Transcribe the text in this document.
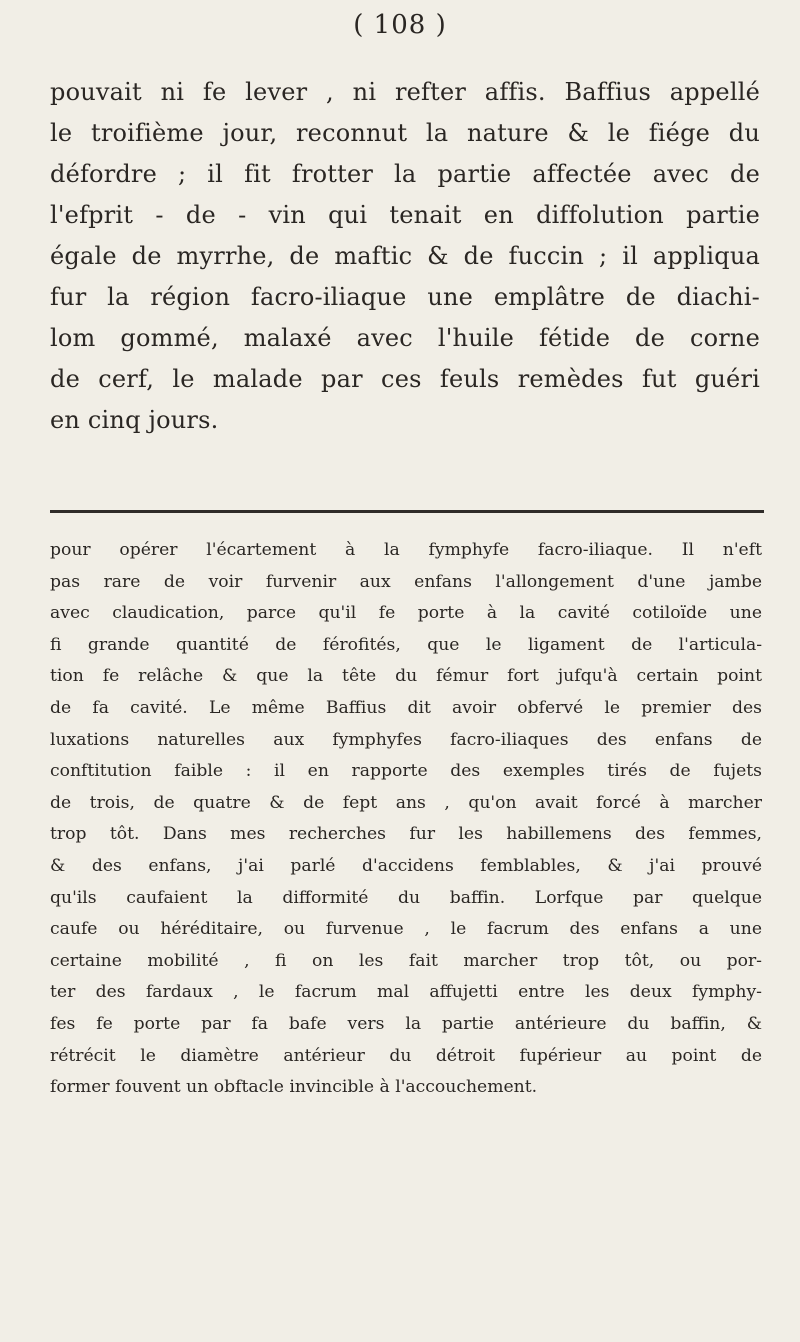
( 108 )
pouvait ni fe lever , ni refter affis. Baffius appellé
le troifième jour, reconnut la nature & le fiége du
défordre ; il fit frotter la partie affectée avec de
l'efprit - de - vin qui tenait en diffolution partie
égale de myrrhe, de maftic & de fuccin ; il appliqua
fur la région facro-iliaque une emplâtre de diachi-
lom gommé, malaxé avec l'huile fétide de corne
de cerf, le malade par ces feuls remèdes fut guéri
en cinq jours.
pour opérer l'écartement à la fymphyfe facro-iliaque. Il n'eft
pas rare de voir furvenir aux enfans l'allongement d'une jambe
avec claudication, parce qu'il fe porte à la cavité cotiloïde une
fi grande quantité de férofités, que le ligament de l'articula-
tion fe relâche & que la tête du fémur fort jufqu'à certain point
de fa cavité. Le même Baffius dit avoir obfervé le premier des
luxations naturelles aux fymphyfes facro-iliaques des enfans de
conftitution faible : il en rapporte des exemples tirés de fujets
de trois, de quatre & de fept ans , qu'on avait forcé à marcher
trop tôt. Dans mes recherches fur les habillemens des femmes,
& des enfans, j'ai parlé d'accidens femblables, & j'ai prouvé
qu'ils caufaient la difformité du baffin. Lorfque par quelque
caufe ou héréditaire, ou furvenue , le facrum des enfans a une
certaine mobilité , fi on les fait marcher trop tôt, ou por-
ter des fardaux , le facrum mal affujetti entre les deux fymphy-
fes fe porte par fa bafe vers la partie antérieure du baffin, &
rétrécit le diamètre antérieur du détroit fupérieur au point de
former fouvent un obftacle invincible à l'accouchement.
